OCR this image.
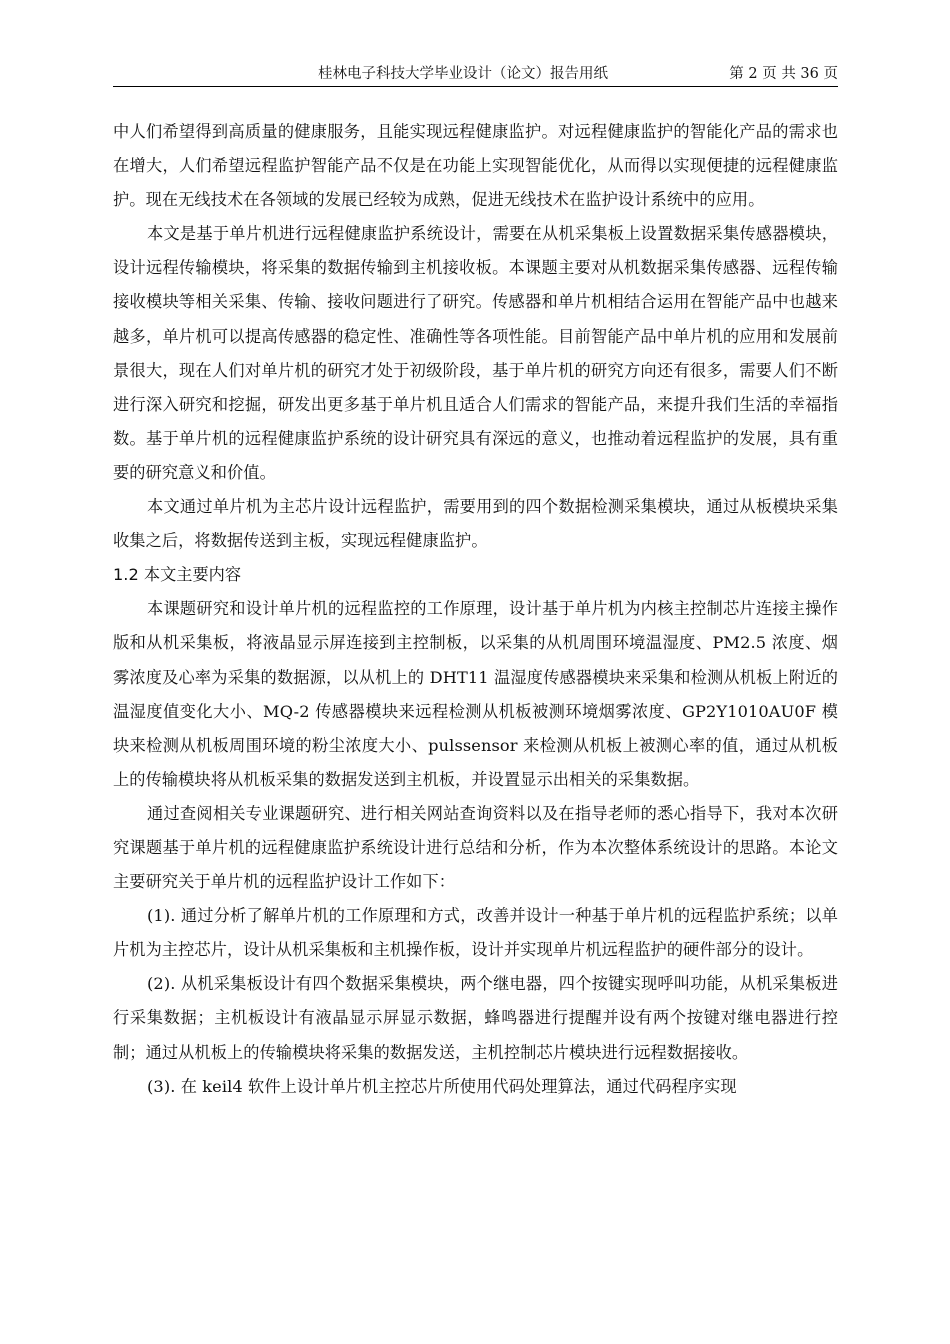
桂林电子科技大学毕业设计（论文）报告用纸	第 2 页 共 36 页

中人们希望得到高质量的健康服务，且能实现远程健康监护。对远程健康监护的智能化产品的需求也在增大，人们希望远程监护智能产品不仅是在功能上实现智能优化，从而得以实现便捷的远程健康监护。现在无线技术在各领域的发展已经较为成熟，促进无线技术在监护设计系统中的应用。

本文是基于单片机进行远程健康监护系统设计，需要在从机采集板上设置数据采集传感器模块，设计远程传输模块，将采集的数据传输到主机接收板。本课题主要对从机数据采集传感器、远程传输接收模块等相关采集、传输、接收问题进行了研究。传感器和单片机相结合运用在智能产品中也越来越多，单片机可以提高传感器的稳定性、准确性等各项性能。目前智能产品中单片机的应用和发展前景很大，现在人们对单片机的研究才处于初级阶段，基于单片机的研究方向还有很多，需要人们不断进行深入研究和挖掘，研发出更多基于单片机且适合人们需求的智能产品，来提升我们生活的幸福指数。基于单片机的远程健康监护系统的设计研究具有深远的意义，也推动着远程监护的发展，具有重要的研究意义和价值。

本文通过单片机为主芯片设计远程监护，需要用到的四个数据检测采集模块，通过从板模块采集收集之后，将数据传送到主板，实现远程健康监护。

1.2 本文主要内容

本课题研究和设计单片机的远程监控的工作原理，设计基于单片机为内核主控制芯片连接主操作版和从机采集板，将液晶显示屏连接到主控制板，以采集的从机周围环境温湿度、PM2.5 浓度、烟雾浓度及心率为采集的数据源，以从机上的 DHT11 温湿度传感器模块来采集和检测从机板上附近的温湿度值变化大小、MQ-2 传感器模块来远程检测从机板被测环境烟雾浓度、GP2Y1010AU0F 模块来检测从机板周围环境的粉尘浓度大小、pulssensor 来检测从机板上被测心率的值，通过从机板上的传输模块将从机板采集的数据发送到主机板，并设置显示出相关的采集数据。

通过查阅相关专业课题研究、进行相关网站查询资料以及在指导老师的悉心指导下，我对本次研究课题基于单片机的远程健康监护系统设计进行总结和分析，作为本次整体系统设计的思路。本论文主要研究关于单片机的远程监护设计工作如下：

(1). 通过分析了解单片机的工作原理和方式，改善并设计一种基于单片机的远程监护系统；以单片机为主控芯片，设计从机采集板和主机操作板，设计并实现单片机远程监护的硬件部分的设计。

(2). 从机采集板设计有四个数据采集模块，两个继电器，四个按键实现呼叫功能，从机采集板进行采集数据；主机板设计有液晶显示屏显示数据，蜂鸣器进行提醒并设有两个按键对继电器进行控制；通过从机板上的传输模块将采集的数据发送，主机控制芯片模块进行远程数据接收。

(3). 在 keil4 软件上设计单片机主控芯片所使用代码处理算法，通过代码程序实现
